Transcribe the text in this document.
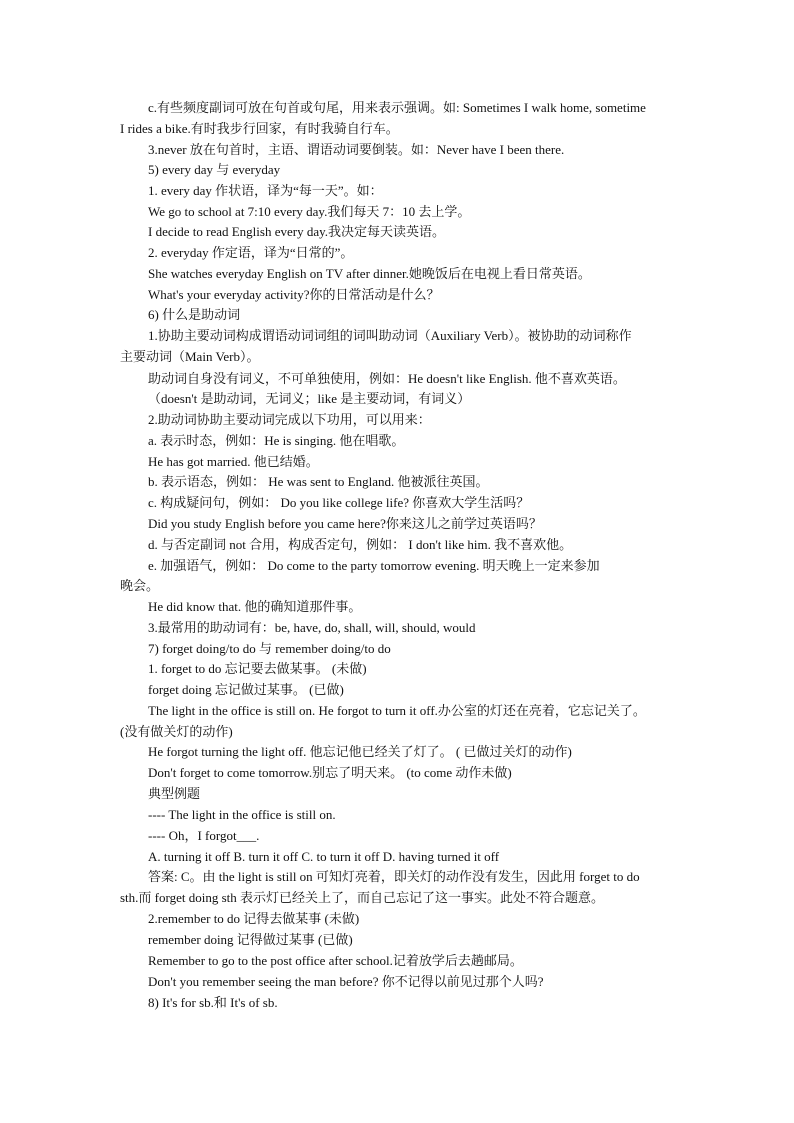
c.有些频度副词可放在句首或句尾，用来表示强调。如: Sometimes I walk home, sometime
I rides a bike.有时我步行回家，有时我骑自行车。
3.never 放在句首时，主语、谓语动词要倒装。如：Never have I been there.
5) every day 与 everyday
1. every day 作状语，译为“每一天”。如：
We go to school at 7:10 every day.我们每天 7：10 去上学。
I decide to read English every day.我决定每天读英语。
2. everyday 作定语，译为“日常的”。
She watches everyday English on TV after dinner.她晚饭后在电视上看日常英语。
What's your everyday activity?你的日常活动是什么？
6) 什么是助动词
1.协助主要动词构成谓语动词词组的词叫助动词（Auxiliary Verb）。被协助的动词称作
主要动词（Main Verb）。
助动词自身没有词义，不可单独使用，例如：He doesn't like English. 他不喜欢英语。
（doesn't 是助动词，无词义；like 是主要动词，有词义）
2.助动词协助主要动词完成以下功用，可以用来：
a. 表示时态，例如：He is singing. 他在唱歌。
He has got married. 他已结婚。
b. 表示语态，例如： He was sent to England. 他被派往英国。
c. 构成疑问句，例如： Do you like college life? 你喜欢大学生活吗？
Did you study English before you came here?你来这儿之前学过英语吗？
d. 与否定副词 not 合用，构成否定句，例如： I don't like him. 我不喜欢他。
e. 加强语气，例如： Do come to the party tomorrow evening. 明天晚上一定来参加
晚会。
He did know that. 他的确知道那件事。
3.最常用的助动词有：be, have, do, shall, will, should, would
7) forget doing/to do 与 remember doing/to do
1. forget to do 忘记要去做某事。 (未做)
forget doing 忘记做过某事。 (已做)
The light in the office is still on. He forgot to turn it off.办公室的灯还在亮着，它忘记关了。
(没有做关灯的动作)
He forgot turning the light off. 他忘记他已经关了灯了。 ( 已做过关灯的动作)
Don't forget to come tomorrow.别忘了明天来。 (to come 动作未做)
典型例题
---- The light in the office is still on.
---- Oh，I forgot___.
A. turning it off B. turn it off C. to turn it off D. having turned it off
答案: C。由 the light is still on 可知灯亮着，即关灯的动作没有发生，因此用 forget to do
sth.而 forget doing sth 表示灯已经关上了，而自己忘记了这一事实。此处不符合题意。
2.remember to do 记得去做某事 (未做)
remember doing 记得做过某事 (已做)
Remember to go to the post office after school.记着放学后去趟邮局。
Don't you remember seeing the man before? 你不记得以前见过那个人吗?
8) It's for sb.和 It's of sb.
